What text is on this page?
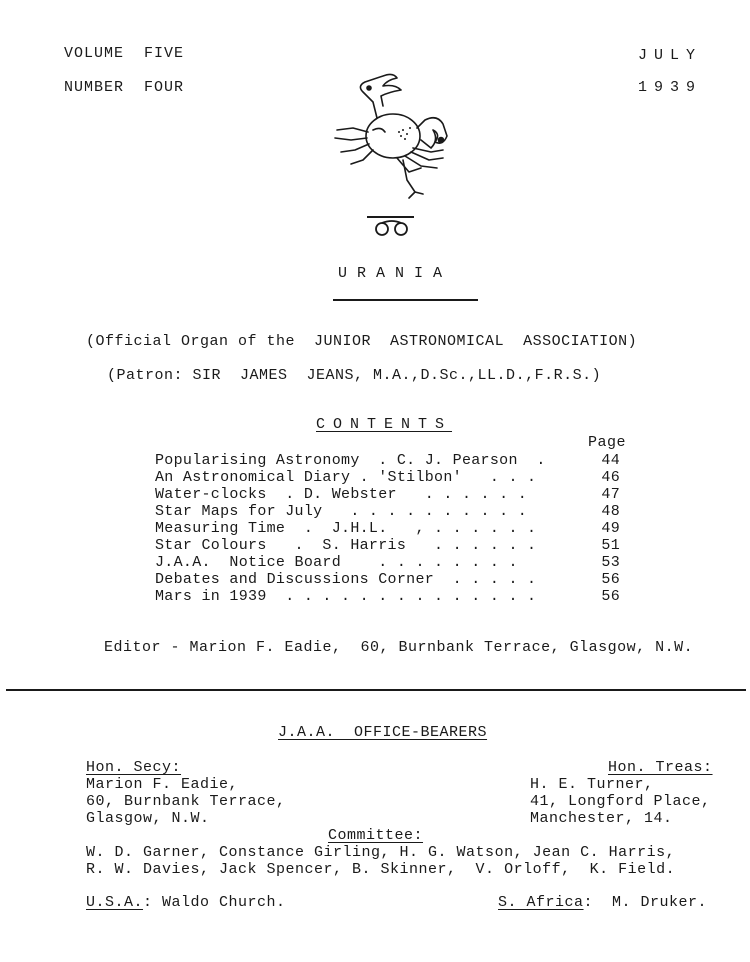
VOLUME  FIVE
NUMBER  FOUR
JULY
1939
URANIA
(Official Organ of the  JUNIOR  ASTRONOMICAL  ASSOCIATION)
(Patron: SIR  JAMES  JEANS, M.A.,D.Sc.,LL.D.,F.R.S.)
CONTENTS
Page
Popularising Astronomy  . C. J. Pearson  .	44
An Astronomical Diary . 'Stilbon'   . . .	46
Water-clocks  . D. Webster   . . . . . .	47
Star Maps for July   . . . . . . . . . .	48
Measuring Time  .  J.H.L.   , . . . . . .	49
Star Colours   .  S. Harris   . . . . . .	51
J.A.A.  Notice Board    . . . . . . . .	53
Debates and Discussions Corner  . . . . .	56
Mars in 1939  . . . . . . . . . . . . . .	56
Editor - Marion F. Eadie,  60, Burnbank Terrace, Glasgow, N.W.
J.A.A.  OFFICE-BEARERS
Hon. Secy:
Marion F. Eadie,
60, Burnbank Terrace,
Glasgow, N.W.
Hon. Treas:
H. E. Turner,
41, Longford Place,
Manchester, 14.
Committee:
W. D. Garner, Constance Girling, H. G. Watson, Jean C. Harris,
R. W. Davies, Jack Spencer, B. Skinner,  V. Orloff,  K. Field.
U.S.A.: Waldo Church.	S. Africa:  M. Druker.
